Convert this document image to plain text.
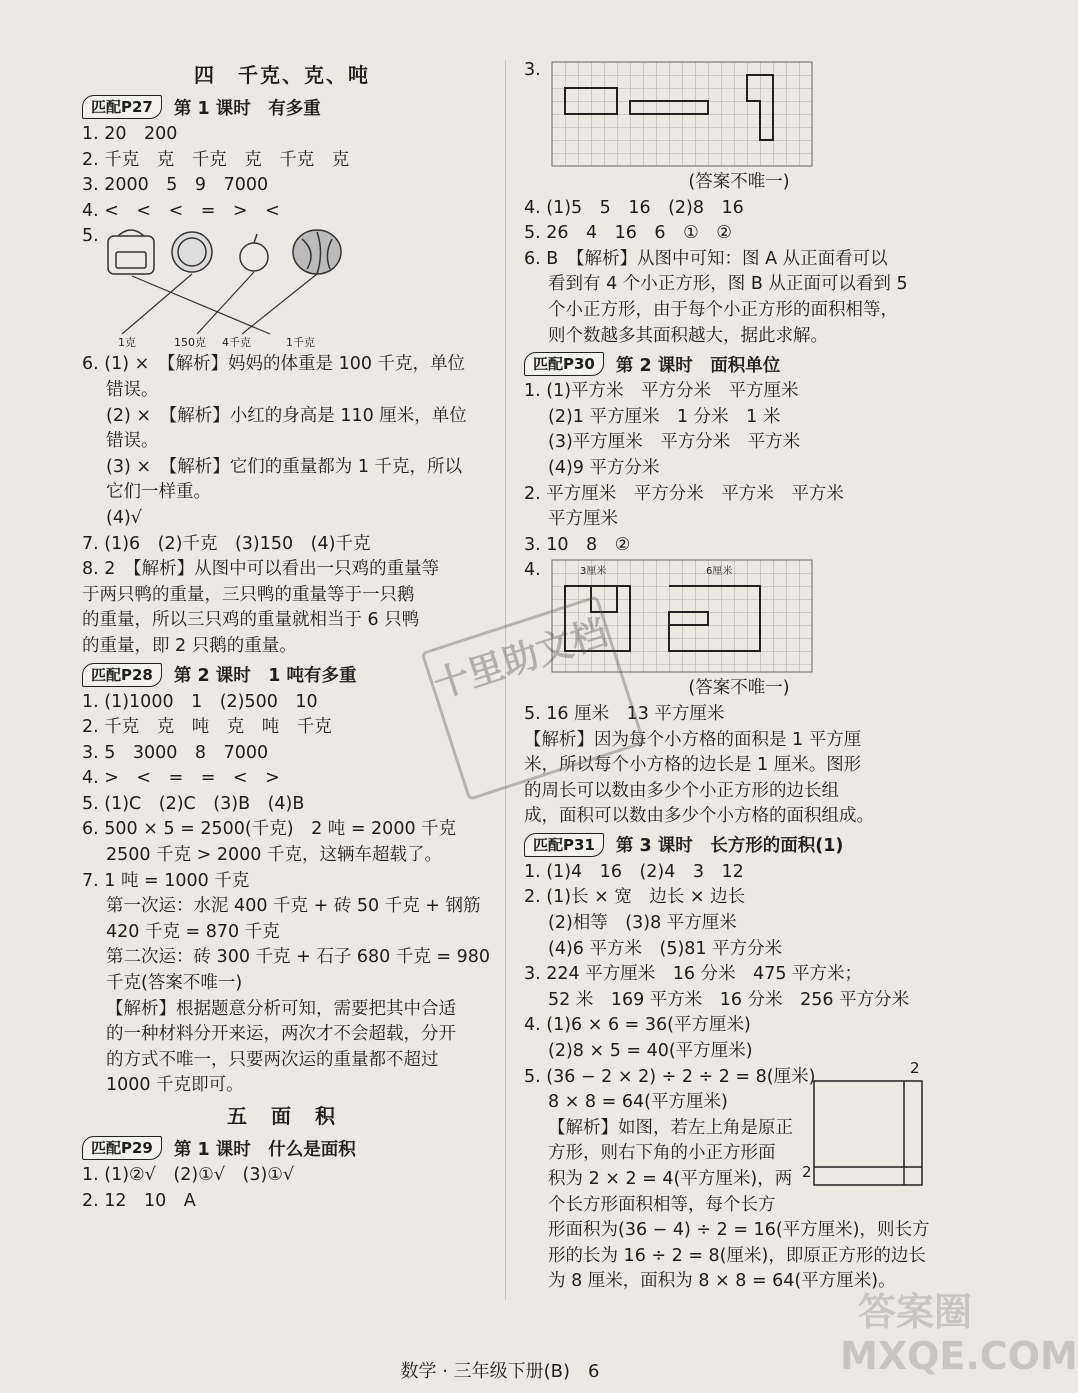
四　千克、克、吨
匹配P27	第 1 课时　有多重
1. 20　200
2. 千克　克　千克　克　千克　克
3. 2000　5　9　7000
4. <　<　<　=　>　<
5.
1克	150克	4千克	1千克
6. (1) ×　【解析】妈妈的体重是 100 千克，单位
错误。
(2) ×　【解析】小红的身高是 110 厘米，单位
错误。
(3) ×　【解析】它们的重量都为 1 千克，所以
它们一样重。
(4)√
7. (1)6　(2)千克　(3)150　(4)千克
8. 2　【解析】从图中可以看出一只鸡的重量等
于两只鸭的重量，三只鸭的重量等于一只鹅
的重量，所以三只鸡的重量就相当于 6 只鸭
的重量，即 2 只鹅的重量。
匹配P28	第 2 课时　1 吨有多重
1. (1)1000　1　(2)500　10
2. 千克　克　吨　克　吨　千克
3. 5　3000　8　7000
4. >　<　=　=　<　>
5. (1)C　(2)C　(3)B　(4)B
6. 500 × 5 = 2500(千克)　2 吨 = 2000 千克
2500 千克 > 2000 千克，这辆车超载了。
7. 1 吨 = 1000 千克
第一次运：水泥 400 千克 + 砖 50 千克 + 钢筋
420 千克 = 870 千克
第二次运：砖 300 千克 + 石子 680 千克 = 980
千克(答案不唯一)
【解析】根据题意分析可知，需要把其中合适
的一种材料分开来运，两次才不会超载，分开
的方式不唯一，只要两次运的重量都不超过
1000 千克即可。
五　面　积
匹配P29	第 1 课时　什么是面积
1. (1)②√　(2)①√　(3)①√
2. 12　10　A
3.
(答案不唯一)
4. (1)5　5　16　(2)8　16
5. 26　4　16　6　①　②
6. B　【解析】从图中可知：图 A 从正面看可以
看到有 4 个小正方形，图 B 从正面可以看到 5
个小正方形，由于每个小正方形的面积相等，
则个数越多其面积越大，据此求解。
匹配P30	第 2 课时　面积单位
1. (1)平方米　平方分米　平方厘米
(2)1 平方厘米　1 分米　1 米
(3)平方厘米　平方分米　平方米
(4)9 平方分米
2. 平方厘米　平方分米　平方米　平方米
平方厘米
3. 10　8　②
4.	3厘米	6厘米
(答案不唯一)
5. 16 厘米　13 平方厘米
【解析】因为每个小方格的面积是 1 平方厘
米，所以每个小方格的边长是 1 厘米。图形
的周长可以数由多少个小正方形的边长组
成，面积可以数由多少个小方格的面积组成。
匹配P31	第 3 课时　长方形的面积(1)
1. (1)4　16　(2)4　3　12
2. (1)长 × 宽　边长 × 边长
(2)相等　(3)8 平方厘米
(4)6 平方米　(5)81 平方分米
3. 224 平方厘米　16 分米　475 平方米；
52 米　169 平方米　16 分米　256 平方分米
4. (1)6 × 6 = 36(平方厘米)
(2)8 × 5 = 40(平方厘米)
5. (36 − 2 × 2) ÷ 2 ÷ 2 = 8(厘米)
8 × 8 = 64(平方厘米)
【解析】如图，若左上角是原正
方形，则右下角的小正方形面
积为 2 × 2 = 4(平方厘米)，两
个长方形面积相等，每个长方
形面积为(36 − 4) ÷ 2 = 16(平方厘米)，则长方
形的长为 16 ÷ 2 = 8(厘米)，即原正方形的边长
为 8 厘米，面积为 8 × 8 = 64(平方厘米)。
2
2
十里助文档
答案圈 MXQE.COM
数学 · 三年级下册(B)　6
